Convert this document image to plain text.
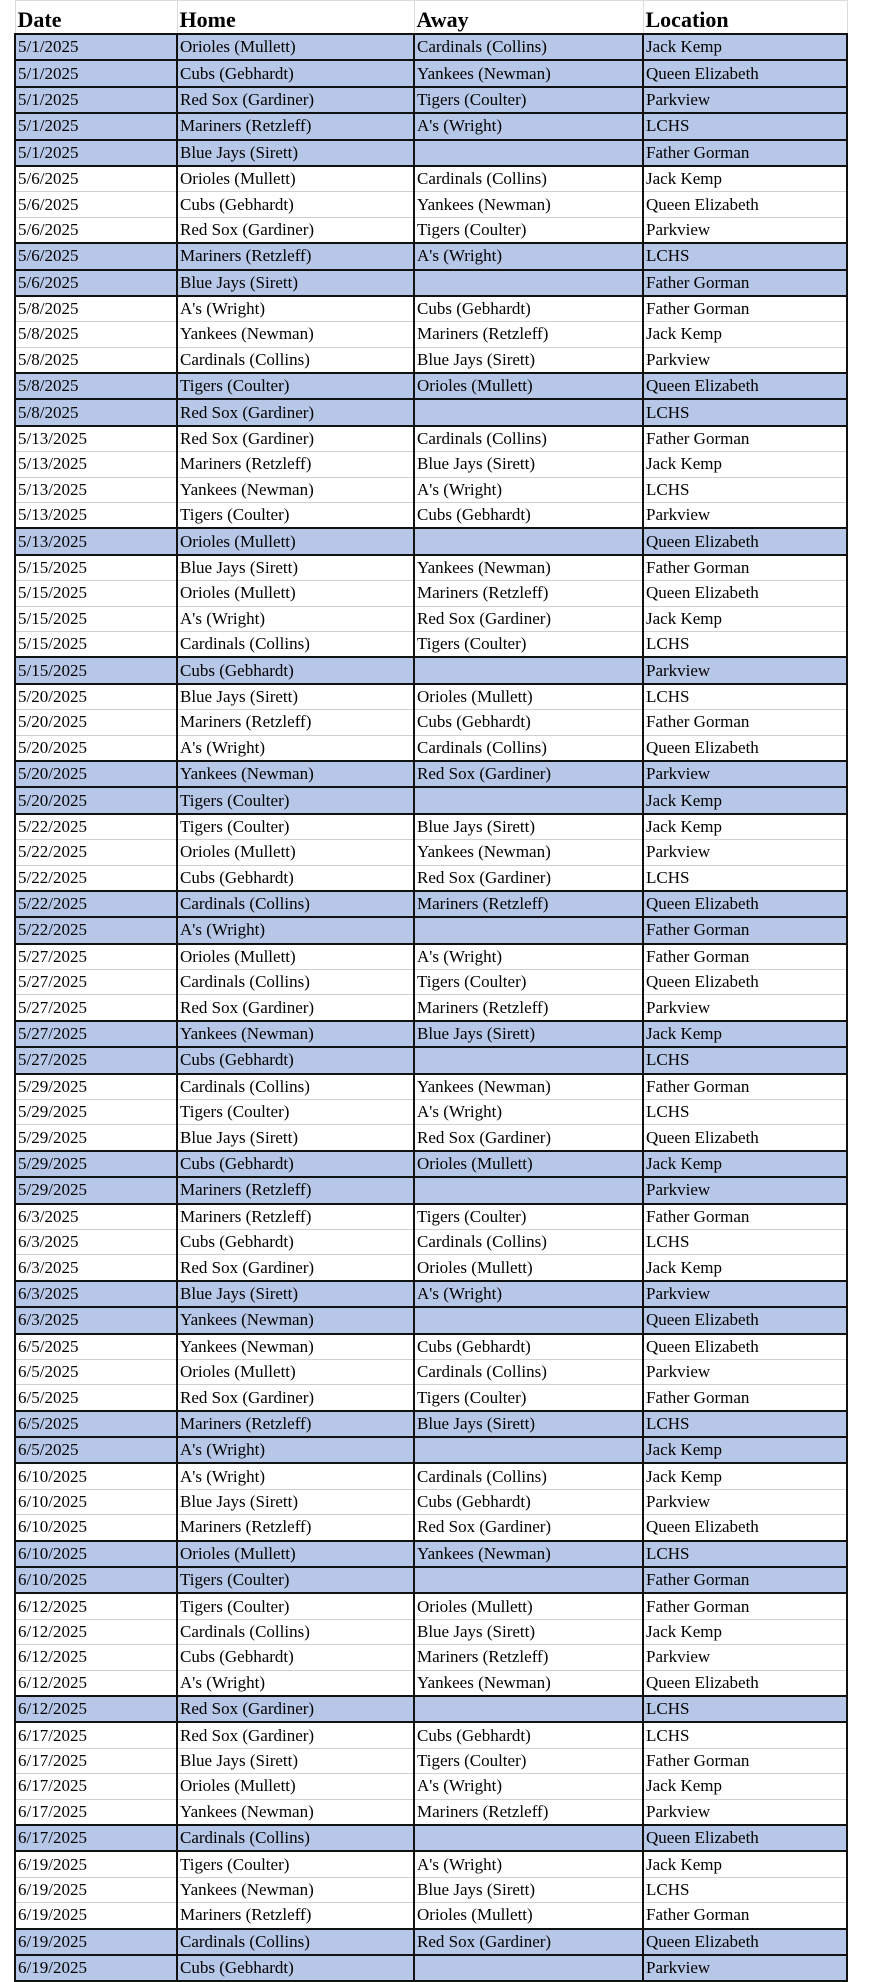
Date	Home	Away	Location
5/1/2025	Orioles (Mullett)	Cardinals (Collins)	Jack Kemp
5/1/2025	Cubs (Gebhardt)	Yankees (Newman)	Queen Elizabeth
5/1/2025	Red Sox (Gardiner)	Tigers (Coulter)	Parkview
5/1/2025	Mariners (Retzleff)	A's (Wright)	LCHS
5/1/2025	Blue Jays (Sirett)		Father Gorman
5/6/2025	Orioles (Mullett)	Cardinals (Collins)	Jack Kemp
5/6/2025	Cubs (Gebhardt)	Yankees (Newman)	Queen Elizabeth
5/6/2025	Red Sox (Gardiner)	Tigers (Coulter)	Parkview
5/6/2025	Mariners (Retzleff)	A's (Wright)	LCHS
5/6/2025	Blue Jays (Sirett)		Father Gorman
5/8/2025	A's (Wright)	Cubs (Gebhardt)	Father Gorman
5/8/2025	Yankees (Newman)	Mariners (Retzleff)	Jack Kemp
5/8/2025	Cardinals (Collins)	Blue Jays (Sirett)	Parkview
5/8/2025	Tigers (Coulter)	Orioles (Mullett)	Queen Elizabeth
5/8/2025	Red Sox (Gardiner)		LCHS
5/13/2025	Red Sox (Gardiner)	Cardinals (Collins)	Father Gorman
5/13/2025	Mariners (Retzleff)	Blue Jays (Sirett)	Jack Kemp
5/13/2025	Yankees (Newman)	A's (Wright)	LCHS
5/13/2025	Tigers (Coulter)	Cubs (Gebhardt)	Parkview
5/13/2025	Orioles (Mullett)		Queen Elizabeth
5/15/2025	Blue Jays (Sirett)	Yankees (Newman)	Father Gorman
5/15/2025	Orioles (Mullett)	Mariners (Retzleff)	Queen Elizabeth
5/15/2025	A's (Wright)	Red Sox (Gardiner)	Jack Kemp
5/15/2025	Cardinals (Collins)	Tigers (Coulter)	LCHS
5/15/2025	Cubs (Gebhardt)		Parkview
5/20/2025	Blue Jays (Sirett)	Orioles (Mullett)	LCHS
5/20/2025	Mariners (Retzleff)	Cubs (Gebhardt)	Father Gorman
5/20/2025	A's (Wright)	Cardinals (Collins)	Queen Elizabeth
5/20/2025	Yankees (Newman)	Red Sox (Gardiner)	Parkview
5/20/2025	Tigers (Coulter)		Jack Kemp
5/22/2025	Tigers (Coulter)	Blue Jays (Sirett)	Jack Kemp
5/22/2025	Orioles (Mullett)	Yankees (Newman)	Parkview
5/22/2025	Cubs (Gebhardt)	Red Sox (Gardiner)	LCHS
5/22/2025	Cardinals (Collins)	Mariners (Retzleff)	Queen Elizabeth
5/22/2025	A's (Wright)		Father Gorman
5/27/2025	Orioles (Mullett)	A's (Wright)	Father Gorman
5/27/2025	Cardinals (Collins)	Tigers (Coulter)	Queen Elizabeth
5/27/2025	Red Sox (Gardiner)	Mariners (Retzleff)	Parkview
5/27/2025	Yankees (Newman)	Blue Jays (Sirett)	Jack Kemp
5/27/2025	Cubs (Gebhardt)		LCHS
5/29/2025	Cardinals (Collins)	Yankees (Newman)	Father Gorman
5/29/2025	Tigers (Coulter)	A's (Wright)	LCHS
5/29/2025	Blue Jays (Sirett)	Red Sox (Gardiner)	Queen Elizabeth
5/29/2025	Cubs (Gebhardt)	Orioles (Mullett)	Jack Kemp
5/29/2025	Mariners (Retzleff)		Parkview
6/3/2025	Mariners (Retzleff)	Tigers (Coulter)	Father Gorman
6/3/2025	Cubs (Gebhardt)	Cardinals (Collins)	LCHS
6/3/2025	Red Sox (Gardiner)	Orioles (Mullett)	Jack Kemp
6/3/2025	Blue Jays (Sirett)	A's (Wright)	Parkview
6/3/2025	Yankees (Newman)		Queen Elizabeth
6/5/2025	Yankees (Newman)	Cubs (Gebhardt)	Queen Elizabeth
6/5/2025	Orioles (Mullett)	Cardinals (Collins)	Parkview
6/5/2025	Red Sox (Gardiner)	Tigers (Coulter)	Father Gorman
6/5/2025	Mariners (Retzleff)	Blue Jays (Sirett)	LCHS
6/5/2025	A's (Wright)		Jack Kemp
6/10/2025	A's (Wright)	Cardinals (Collins)	Jack Kemp
6/10/2025	Blue Jays (Sirett)	Cubs (Gebhardt)	Parkview
6/10/2025	Mariners (Retzleff)	Red Sox (Gardiner)	Queen Elizabeth
6/10/2025	Orioles (Mullett)	Yankees (Newman)	LCHS
6/10/2025	Tigers (Coulter)		Father Gorman
6/12/2025	Tigers (Coulter)	Orioles (Mullett)	Father Gorman
6/12/2025	Cardinals (Collins)	Blue Jays (Sirett)	Jack Kemp
6/12/2025	Cubs (Gebhardt)	Mariners (Retzleff)	Parkview
6/12/2025	A's (Wright)	Yankees (Newman)	Queen Elizabeth
6/12/2025	Red Sox (Gardiner)		LCHS
6/17/2025	Red Sox (Gardiner)	Cubs (Gebhardt)	LCHS
6/17/2025	Blue Jays (Sirett)	Tigers (Coulter)	Father Gorman
6/17/2025	Orioles (Mullett)	A's (Wright)	Jack Kemp
6/17/2025	Yankees (Newman)	Mariners (Retzleff)	Parkview
6/17/2025	Cardinals (Collins)		Queen Elizabeth
6/19/2025	Tigers (Coulter)	A's (Wright)	Jack Kemp
6/19/2025	Yankees (Newman)	Blue Jays (Sirett)	LCHS
6/19/2025	Mariners (Retzleff)	Orioles (Mullett)	Father Gorman
6/19/2025	Cardinals (Collins)	Red Sox (Gardiner)	Queen Elizabeth
6/19/2025	Cubs (Gebhardt)		Parkview
